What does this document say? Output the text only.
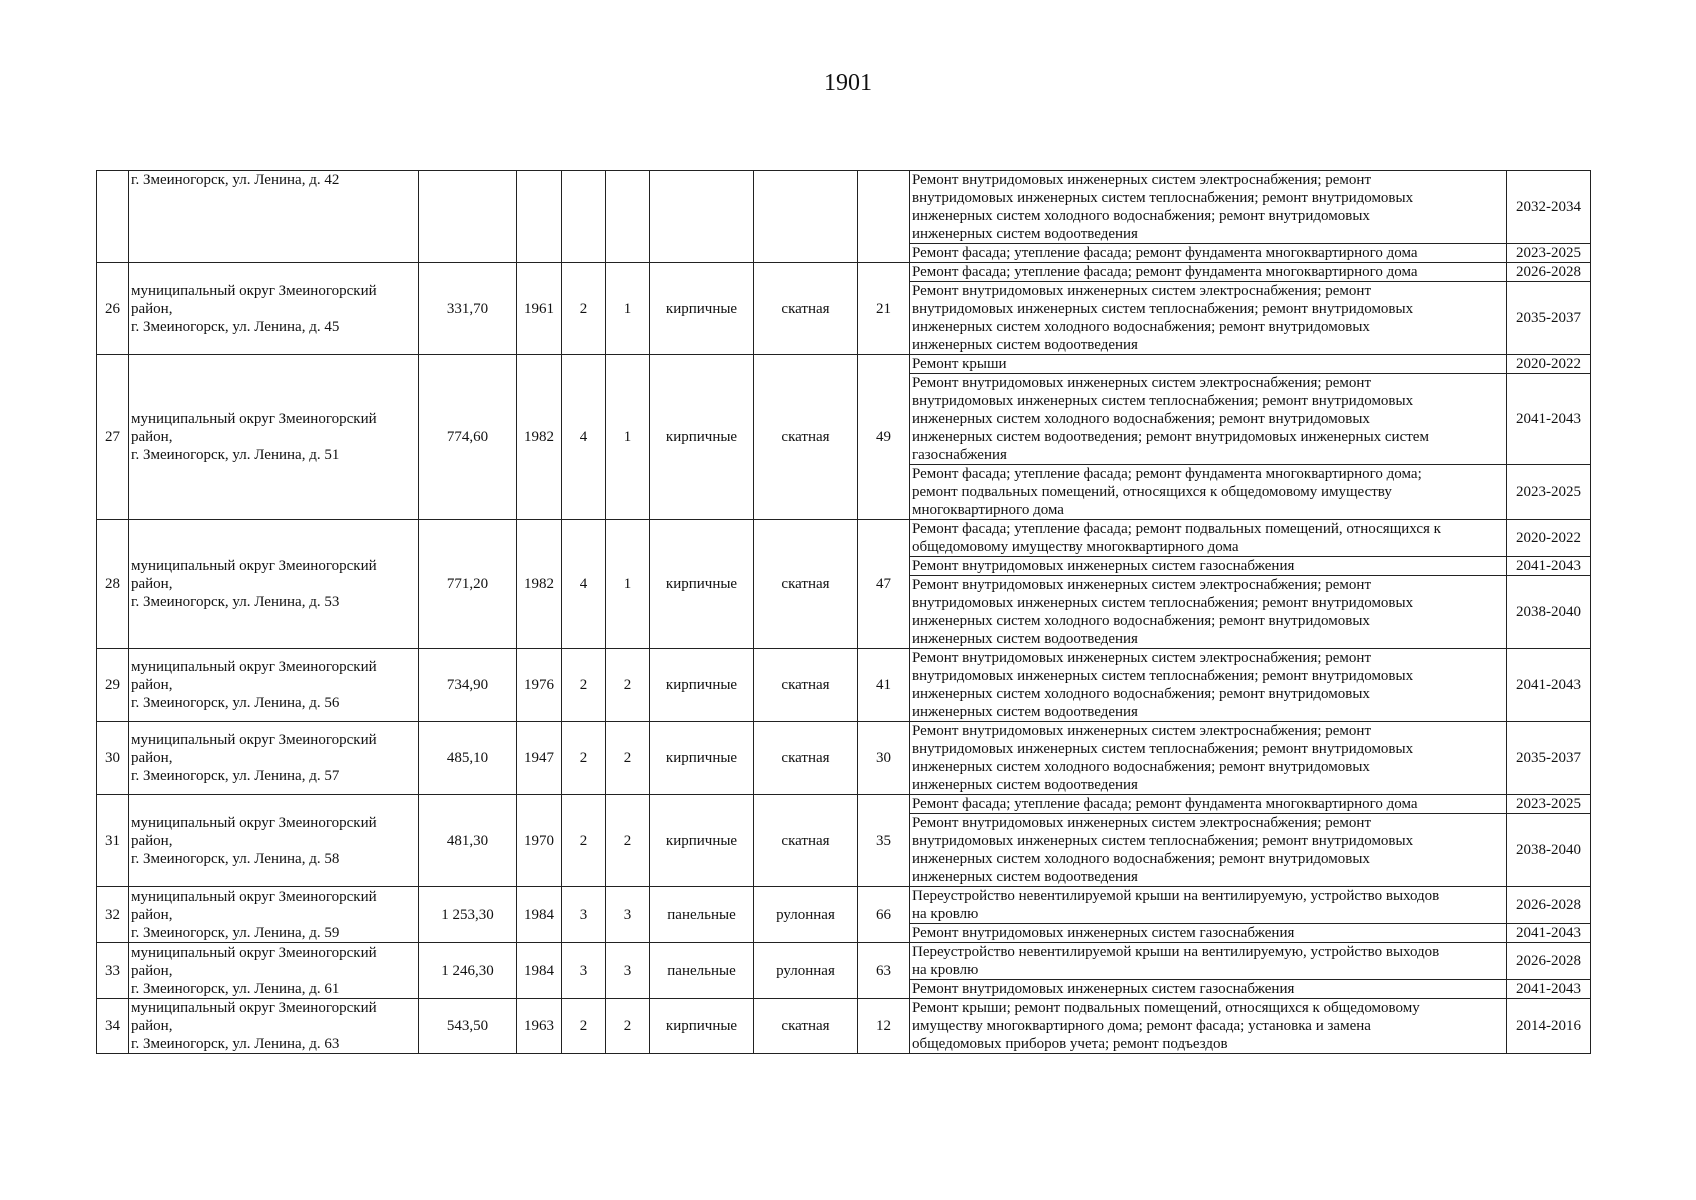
1901
	г. Змеиногорск, ул. Ленина, д. 42								Ремонт внутридомовых инженерных систем электроснабжения; ремонт
внутридомовых инженерных систем теплоснабжения; ремонт внутридомовых
инженерных систем холодного водоснабжения; ремонт внутридомовых
инженерных систем водоотведения	2032-2034
									Ремонт фасада; утепление фасада; ремонт фундамента многоквартирного дома	2023-2025
26	муниципальный округ Змеиногорский район,
г. Змеиногорск, ул. Ленина, д. 45	331,70	1961	2	1	кирпичные	скатная	21	Ремонт фасада; утепление фасада; ремонт фундамента многоквартирного дома	2026-2028
									Ремонт внутридомовых инженерных систем электроснабжения; ремонт
внутридомовых инженерных систем теплоснабжения; ремонт внутридомовых
инженерных систем холодного водоснабжения; ремонт внутридомовых
инженерных систем водоотведения	2035-2037
27	муниципальный округ Змеиногорский район,
г. Змеиногорск, ул. Ленина, д. 51	774,60	1982	4	1	кирпичные	скатная	49	Ремонт крыши	2020-2022
									Ремонт внутридомовых инженерных систем электроснабжения; ремонт
внутридомовых инженерных систем теплоснабжения; ремонт внутридомовых
инженерных систем холодного водоснабжения; ремонт внутридомовых
инженерных систем водоотведения; ремонт внутридомовых инженерных систем
газоснабжения	2041-2043
									Ремонт фасада; утепление фасада; ремонт фундамента многоквартирного дома;
ремонт подвальных помещений, относящихся к общедомовому имуществу
многоквартирного дома	2023-2025
28	муниципальный округ Змеиногорский район,
г. Змеиногорск, ул. Ленина, д. 53	771,20	1982	4	1	кирпичные	скатная	47	Ремонт фасада; утепление фасада; ремонт подвальных помещений, относящихся к
общедомовому имуществу многоквартирного дома	2020-2022
									Ремонт внутридомовых инженерных систем газоснабжения	2041-2043
									Ремонт внутридомовых инженерных систем электроснабжения; ремонт
внутридомовых инженерных систем теплоснабжения; ремонт внутридомовых
инженерных систем холодного водоснабжения; ремонт внутридомовых
инженерных систем водоотведения	2038-2040
29	муниципальный округ Змеиногорский район,
г. Змеиногорск, ул. Ленина, д. 56	734,90	1976	2	2	кирпичные	скатная	41	Ремонт внутридомовых инженерных систем электроснабжения; ремонт
внутридомовых инженерных систем теплоснабжения; ремонт внутридомовых
инженерных систем холодного водоснабжения; ремонт внутридомовых
инженерных систем водоотведения	2041-2043
30	муниципальный округ Змеиногорский район,
г. Змеиногорск, ул. Ленина, д. 57	485,10	1947	2	2	кирпичные	скатная	30	Ремонт внутридомовых инженерных систем электроснабжения; ремонт
внутридомовых инженерных систем теплоснабжения; ремонт внутридомовых
инженерных систем холодного водоснабжения; ремонт внутридомовых
инженерных систем водоотведения	2035-2037
31	муниципальный округ Змеиногорский район,
г. Змеиногорск, ул. Ленина, д. 58	481,30	1970	2	2	кирпичные	скатная	35	Ремонт фасада; утепление фасада; ремонт фундамента многоквартирного дома	2023-2025
									Ремонт внутридомовых инженерных систем электроснабжения; ремонт
внутридомовых инженерных систем теплоснабжения; ремонт внутридомовых
инженерных систем холодного водоснабжения; ремонт внутридомовых
инженерных систем водоотведения	2038-2040
32	муниципальный округ Змеиногорский район,
г. Змеиногорск, ул. Ленина, д. 59	1 253,30	1984	3	3	панельные	рулонная	66	Переустройство невентилируемой крыши на вентилируемую, устройство выходов
на кровлю	2026-2028
									Ремонт внутридомовых инженерных систем газоснабжения	2041-2043
33	муниципальный округ Змеиногорский район,
г. Змеиногорск, ул. Ленина, д. 61	1 246,30	1984	3	3	панельные	рулонная	63	Переустройство невентилируемой крыши на вентилируемую, устройство выходов
на кровлю	2026-2028
									Ремонт внутридомовых инженерных систем газоснабжения	2041-2043
34	муниципальный округ Змеиногорский район,
г. Змеиногорск, ул. Ленина, д. 63	543,50	1963	2	2	кирпичные	скатная	12	Ремонт крыши; ремонт подвальных помещений, относящихся к общедомовому
имуществу многоквартирного дома; ремонт фасада; установка и замена
общедомовых приборов учета; ремонт подъездов	2014-2016
